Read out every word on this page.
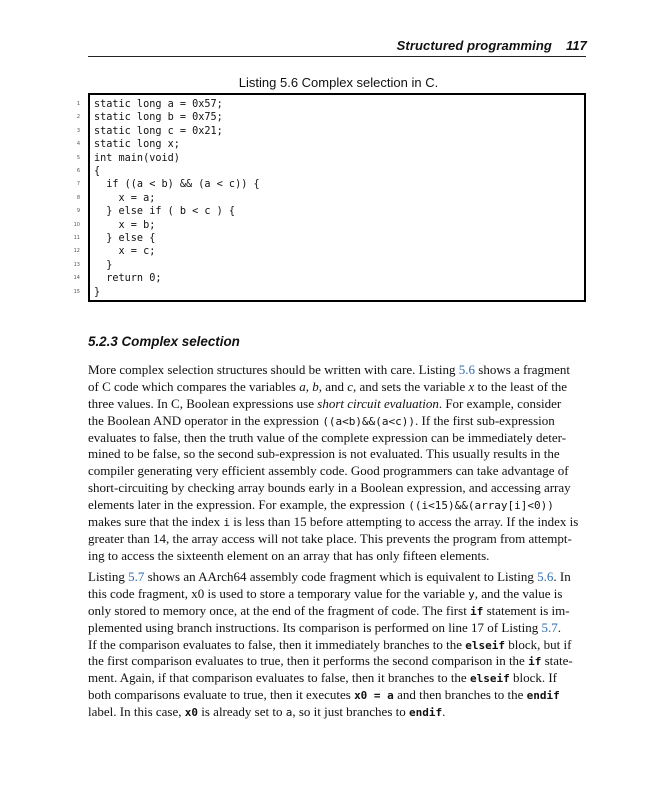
Structured programming 117
Listing 5.6 Complex selection in C.
1 static long a = 0x57;
2 static long b = 0x75;
3 static long c = 0x21;
4 static long x;
5 int main(void)
6 {
7 if ((a < b) && (a < c)) {
8 x = a;
9 } else if ( b < c ) {
10 x = b;
11 } else {
12 x = c;
13 }
14 return 0;
15 }
5.2.3 Complex selection
More complex selection structures should be written with care. Listing 5.6 shows a fragment
of C code which compares the variables a, b, and c, and sets the variable x to the least of the
three values. In C, Boolean expressions use short circuit evaluation. For example, consider
the Boolean AND operator in the expression ((a<b)&&(a<c)). If the first sub-expression
evaluates to false, then the truth value of the complete expression can be immediately deter-
mined to be false, so the second sub-expression is not evaluated. This usually results in the
compiler generating very efficient assembly code. Good programmers can take advantage of
short-circuiting by checking array bounds early in a Boolean expression, and accessing array
elements later in the expression. For example, the expression ((i<15)&&(array[i]<0))
makes sure that the index i is less than 15 before attempting to access the array. If the index is
greater than 14, the array access will not take place. This prevents the program from attempt-
ing to access the sixteenth element on an array that has only fifteen elements.
Listing 5.7 shows an AArch64 assembly code fragment which is equivalent to Listing 5.6. In
this code fragment, x0 is used to store a temporary value for the variable y, and the value is
only stored to memory once, at the end of the fragment of code. The first if statement is im-
plemented using branch instructions. Its comparison is performed on line 17 of Listing 5.7.
If the comparison evaluates to false, then it immediately branches to the elseif block, but if
the first comparison evaluates to true, then it performs the second comparison in the if state-
ment. Again, if that comparison evaluates to false, then it branches to the elseif block. If
both comparisons evaluate to true, then it executes x0 = a and then branches to the endif
label. In this case, x0 is already set to a, so it just branches to endif.
